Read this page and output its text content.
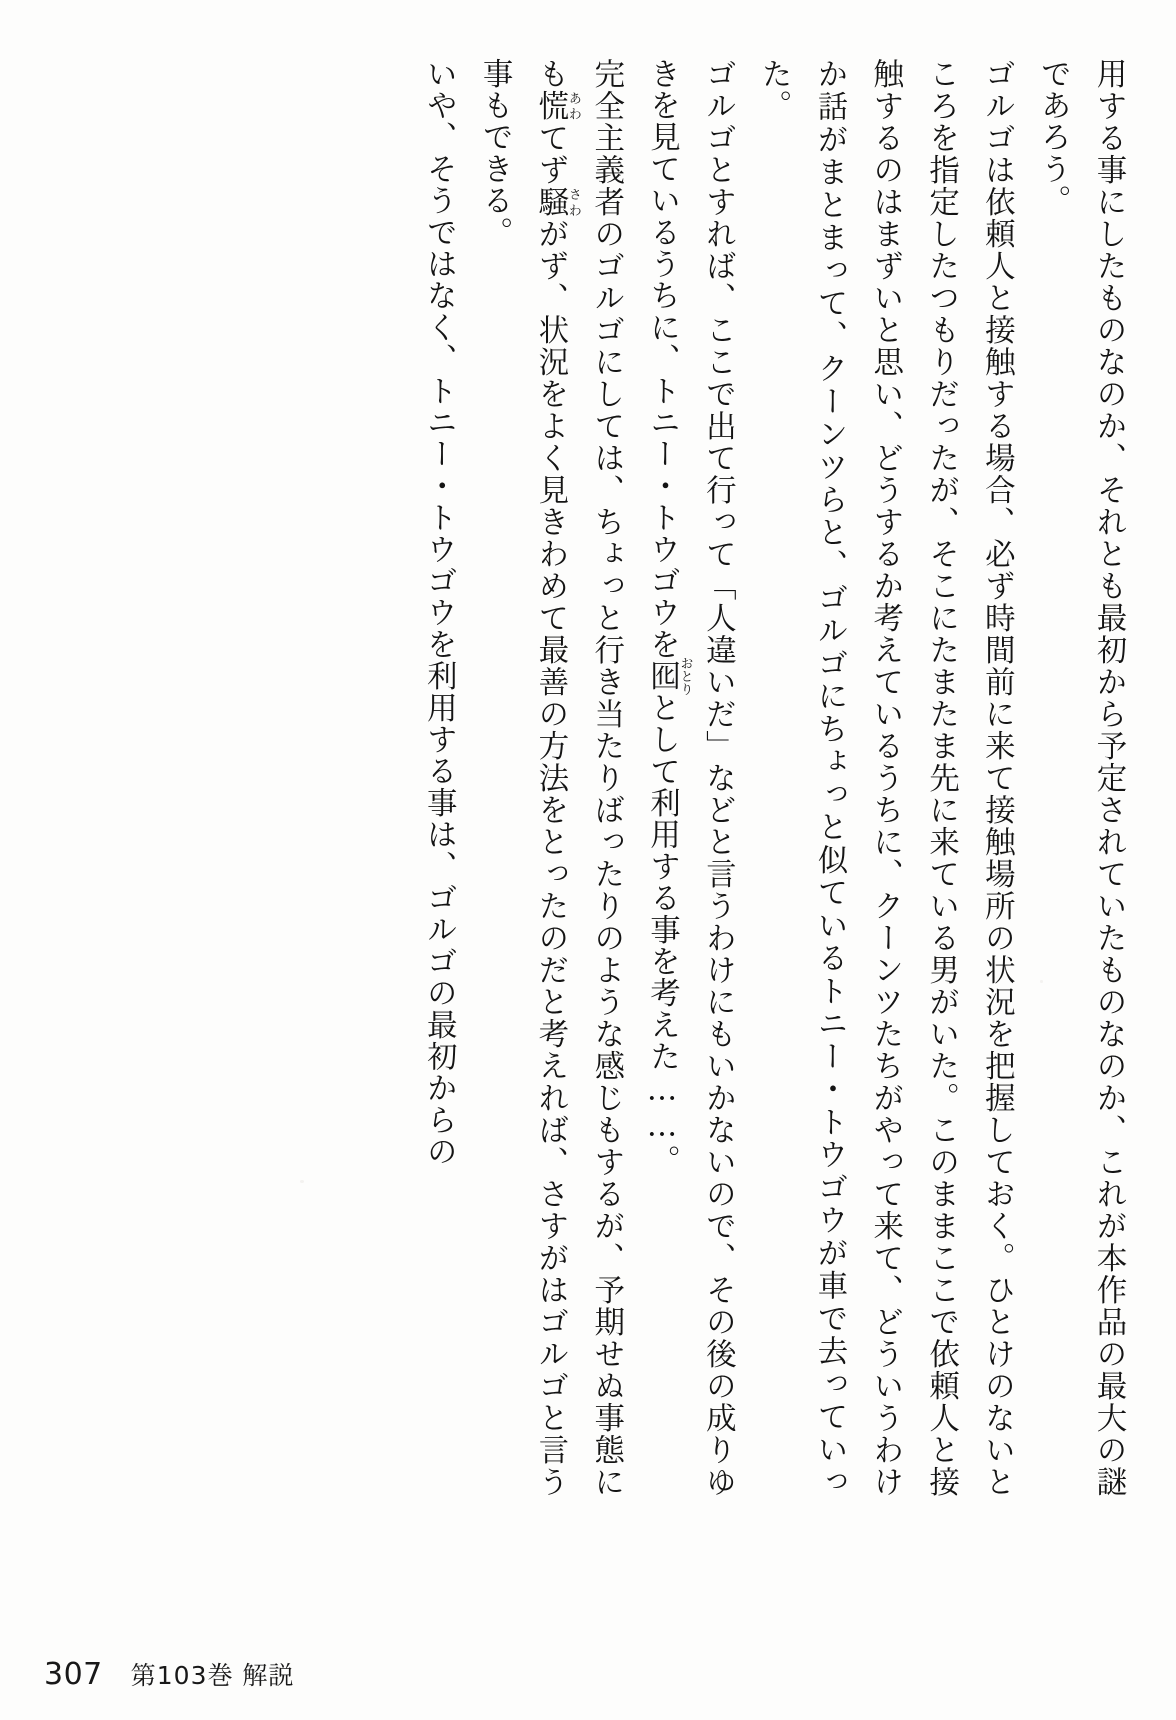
用する事にしたものなのか、それとも最初から予定されていたものなのか、これが本作品の最大の謎であろう。

ゴルゴは依頼人と接触する場合、必ず時間前に来て接触場所の状況を把握しておく。ひとけのないところを指定したつもりだったが、そこにたまたま先に来ている男がいた。このままここで依頼人と接触するのはまずいと思い、どうするか考えているうちに、クーンツたちがやって来て、どういうわけか話がまとまって、クーンツらと、ゴルゴにちょっと似ているトニー・トウゴウが車で去っていった。

ゴルゴとすれば、ここで出て行って「人違いだ」などと言うわけにもいかないので、その後の成りゆきを見ているうちに、トニー・トウゴウを囮おとりとして利用する事を考えた……。

完全主義者のゴルゴにしては、ちょっと行き当たりばったりのような感じもするが、予期せぬ事態にも慌あわてず騒さわがず、状況をよく見きわめて最善の方法をとったのだと考えれば、さすがはゴルゴと言う事もできる。

いや、そうではなく、トニー・トウゴウを利用する事は、ゴルゴの最初からの

307 第103巻 解説
